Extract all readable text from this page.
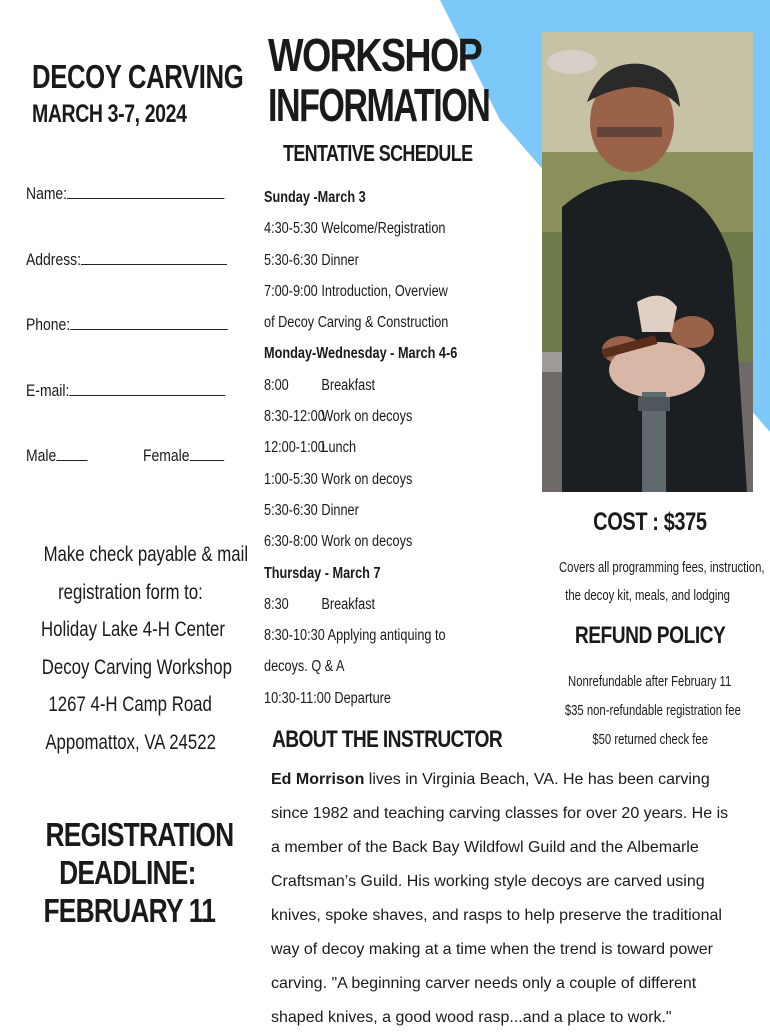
DECOY CARVING
MARCH 3-7, 2024
Name:
Address:
Phone:
E-mail:
Male	Female
Make check payable & mail
registration form to:
Holiday Lake 4-H Center
Decoy Carving Workshop
1267 4-H Camp Road
Appomattox, VA 24522
REGISTRATION
DEADLINE:
FEBRUARY 11
WORKSHOP
INFORMATION
TENTATIVE SCHEDULE
Sunday -March 3
4:30-5:30 Welcome/Registration
5:30-6:30 Dinner
7:00-9:00 Introduction, Overview
of Decoy Carving & Construction
Monday-Wednesday - March 4-6
8:00 Breakfast
8:30-12:00Work on decoys
12:00-1:00Lunch
1:00-5:30 Work on decoys
5:30-6:30 Dinner
6:30-8:00 Work on decoys
Thursday - March 7
8:30 Breakfast
8:30-10:30 Applying antiquing to
decoys. Q & A
10:30-11:00 Departure
ABOUT THE INSTRUCTOR
Ed Morrison lives in Virginia Beach, VA. He has been carving since 1982 and teaching carving classes for over 20 years. He is a member of the Back Bay Wildfowl Guild and the Albemarle Craftsman’s Guild. His working style decoys are carved using knives, spoke shaves, and rasps to help preserve the traditional way of decoy making at a time when the trend is toward power carving. "A beginning carver needs only a couple of different shaped knives, a good wood rasp...and a place to work."
COST : $375
Covers all programming fees, instruction,
the decoy kit, meals, and lodging
REFUND POLICY
Nonrefundable after February 11
$35 non-refundable registration fee
$50 returned check fee
